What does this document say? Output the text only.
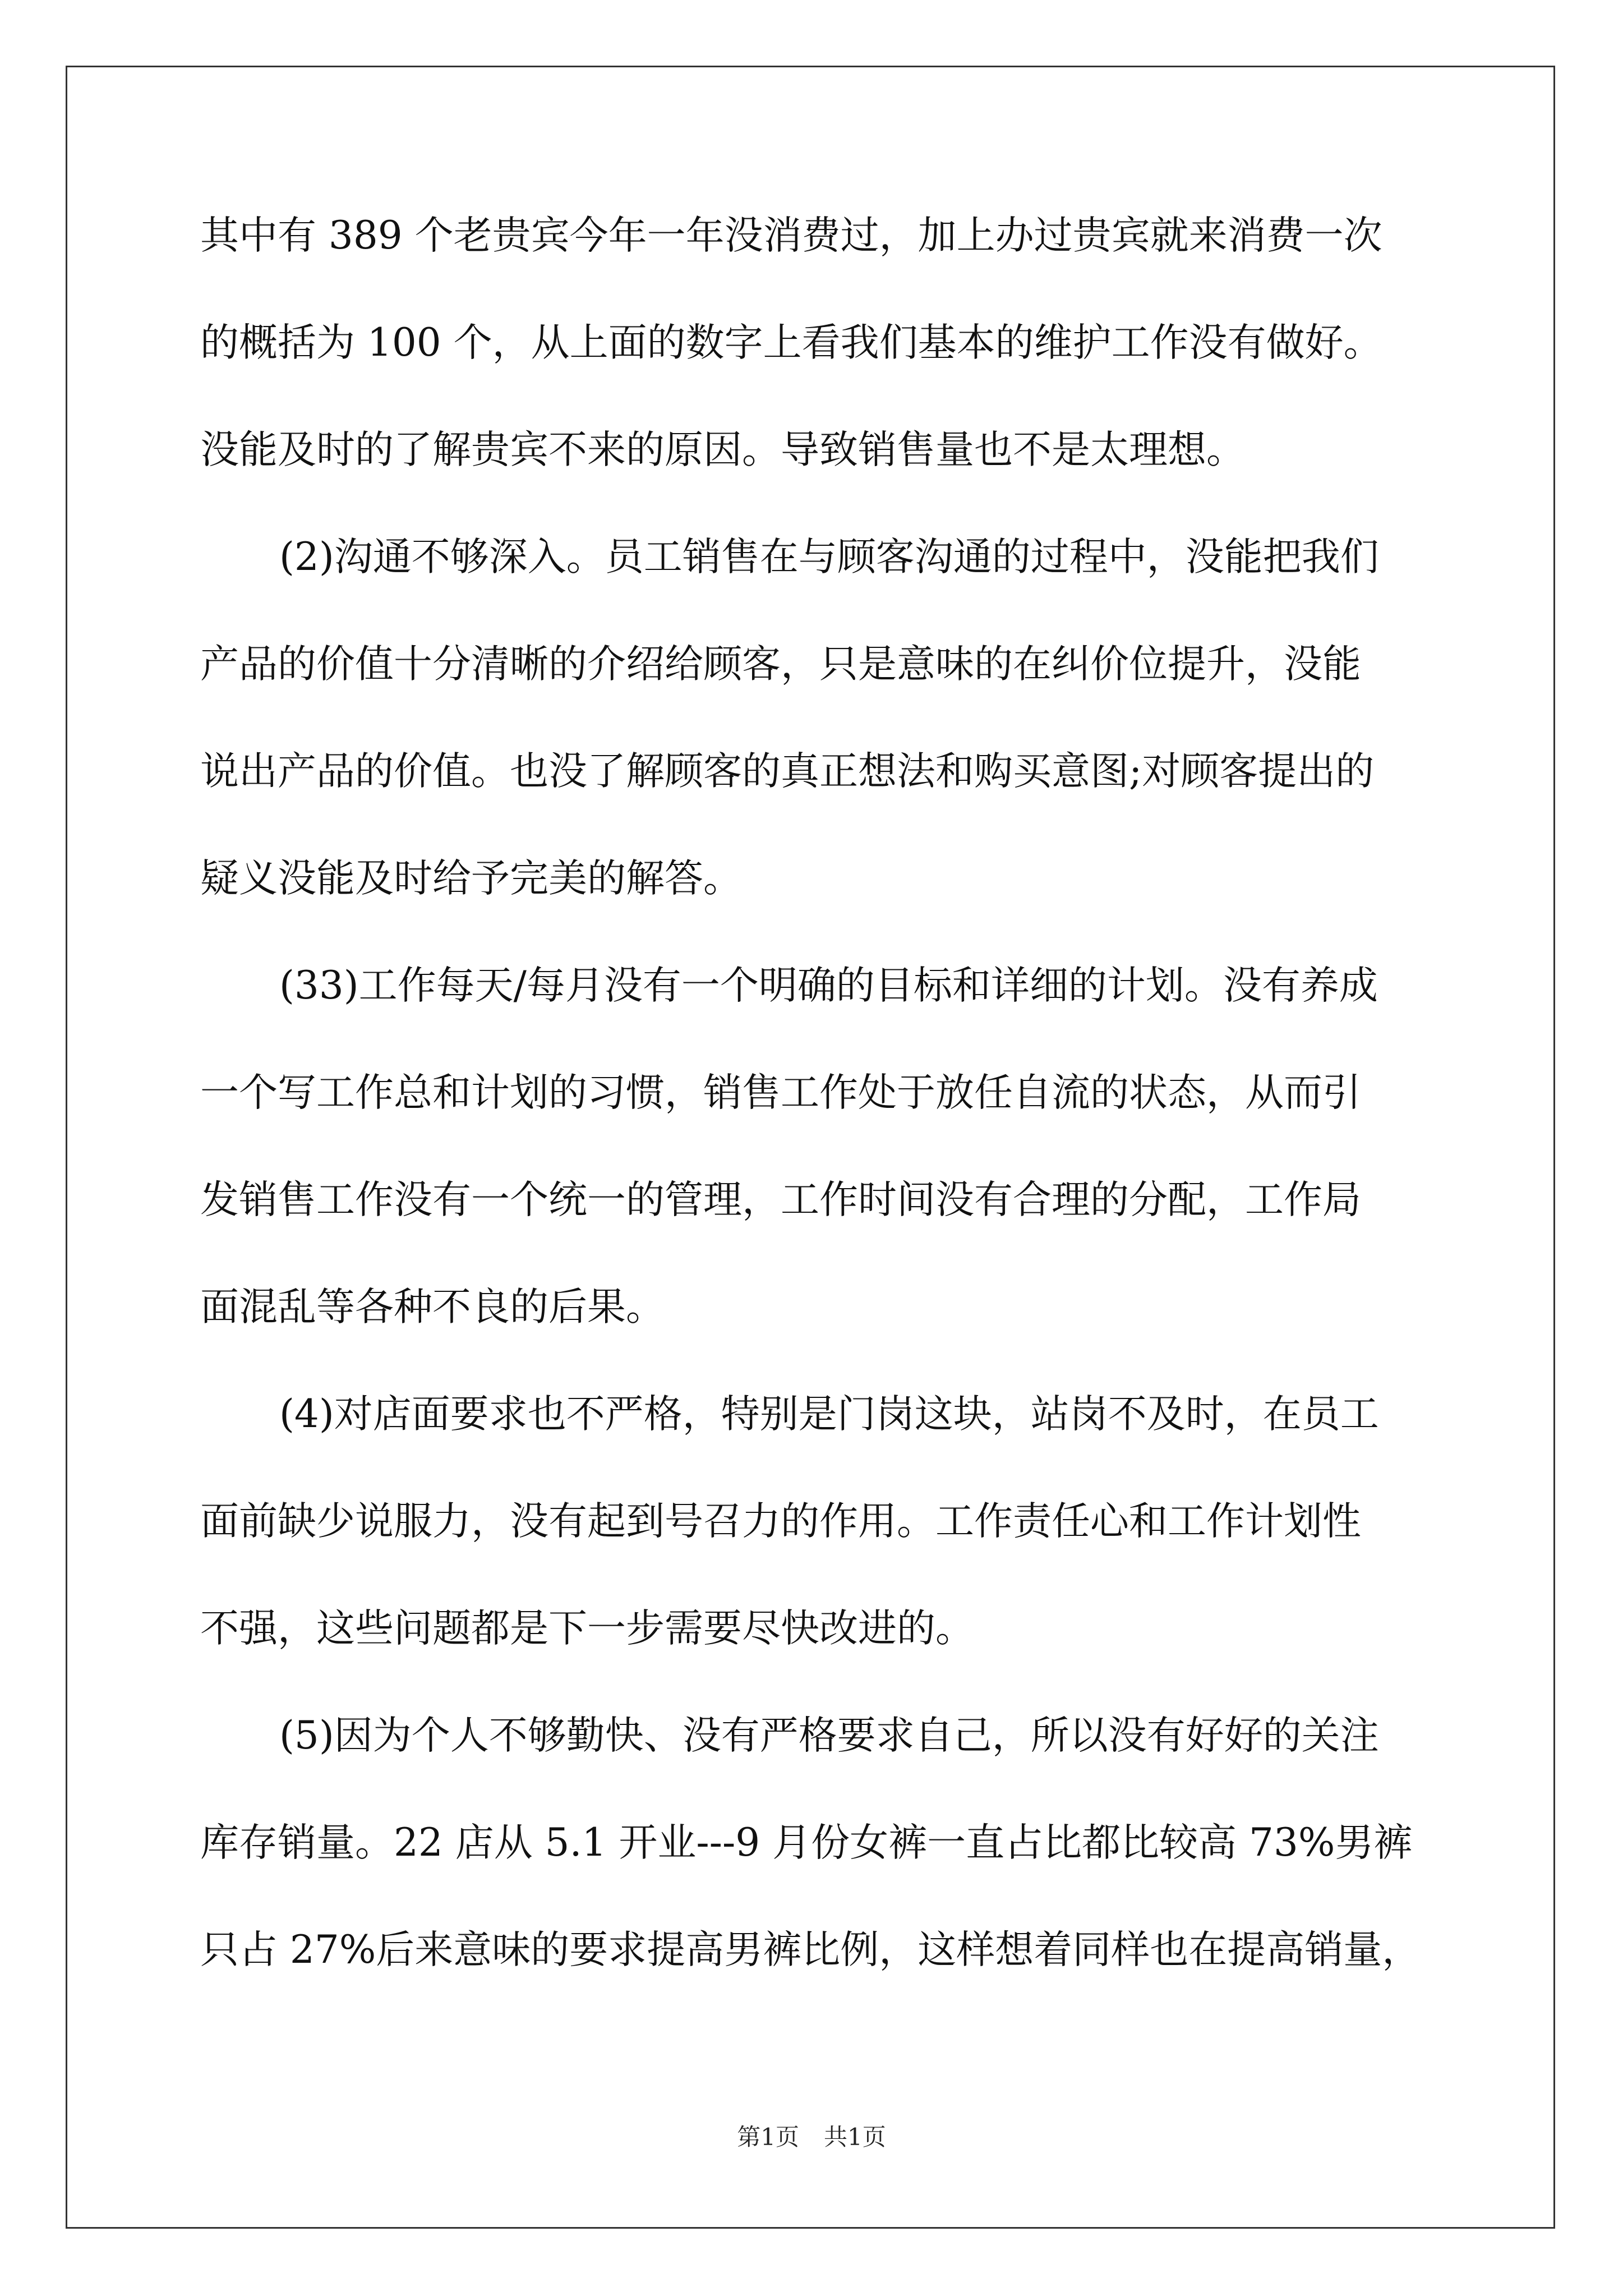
其中有 389 个老贵宾今年一年没消费过，加上办过贵宾就来消费一次
的概括为 100 个，从上面的数字上看我们基本的维护工作没有做好。
没能及时的了解贵宾不来的原因。导致销售量也不是太理想。
(2)沟通不够深入。员工销售在与顾客沟通的过程中，没能把我们
产品的价值十分清晰的介绍给顾客，只是意味的在纠价位提升，没能
说出产品的价值。也没了解顾客的真正想法和购买意图;对顾客提出的
疑义没能及时给予完美的解答。
(33)工作每天/每月没有一个明确的目标和详细的计划。没有养成
一个写工作总和计划的习惯，销售工作处于放任自流的状态，从而引
发销售工作没有一个统一的管理，工作时间没有合理的分配，工作局
面混乱等各种不良的后果。
(4)对店面要求也不严格，特别是门岗这块，站岗不及时，在员工
面前缺少说服力，没有起到号召力的作用。工作责任心和工作计划性
不强，这些问题都是下一步需要尽快改进的。
(5)因为个人不够勤快、没有严格要求自己，所以没有好好的关注
库存销量。22 店从 5.1 开业---9 月份女裤一直占比都比较高 73%男裤
只占 27%后来意味的要求提高男裤比例，这样想着同样也在提高销量，
第1页 共1页
